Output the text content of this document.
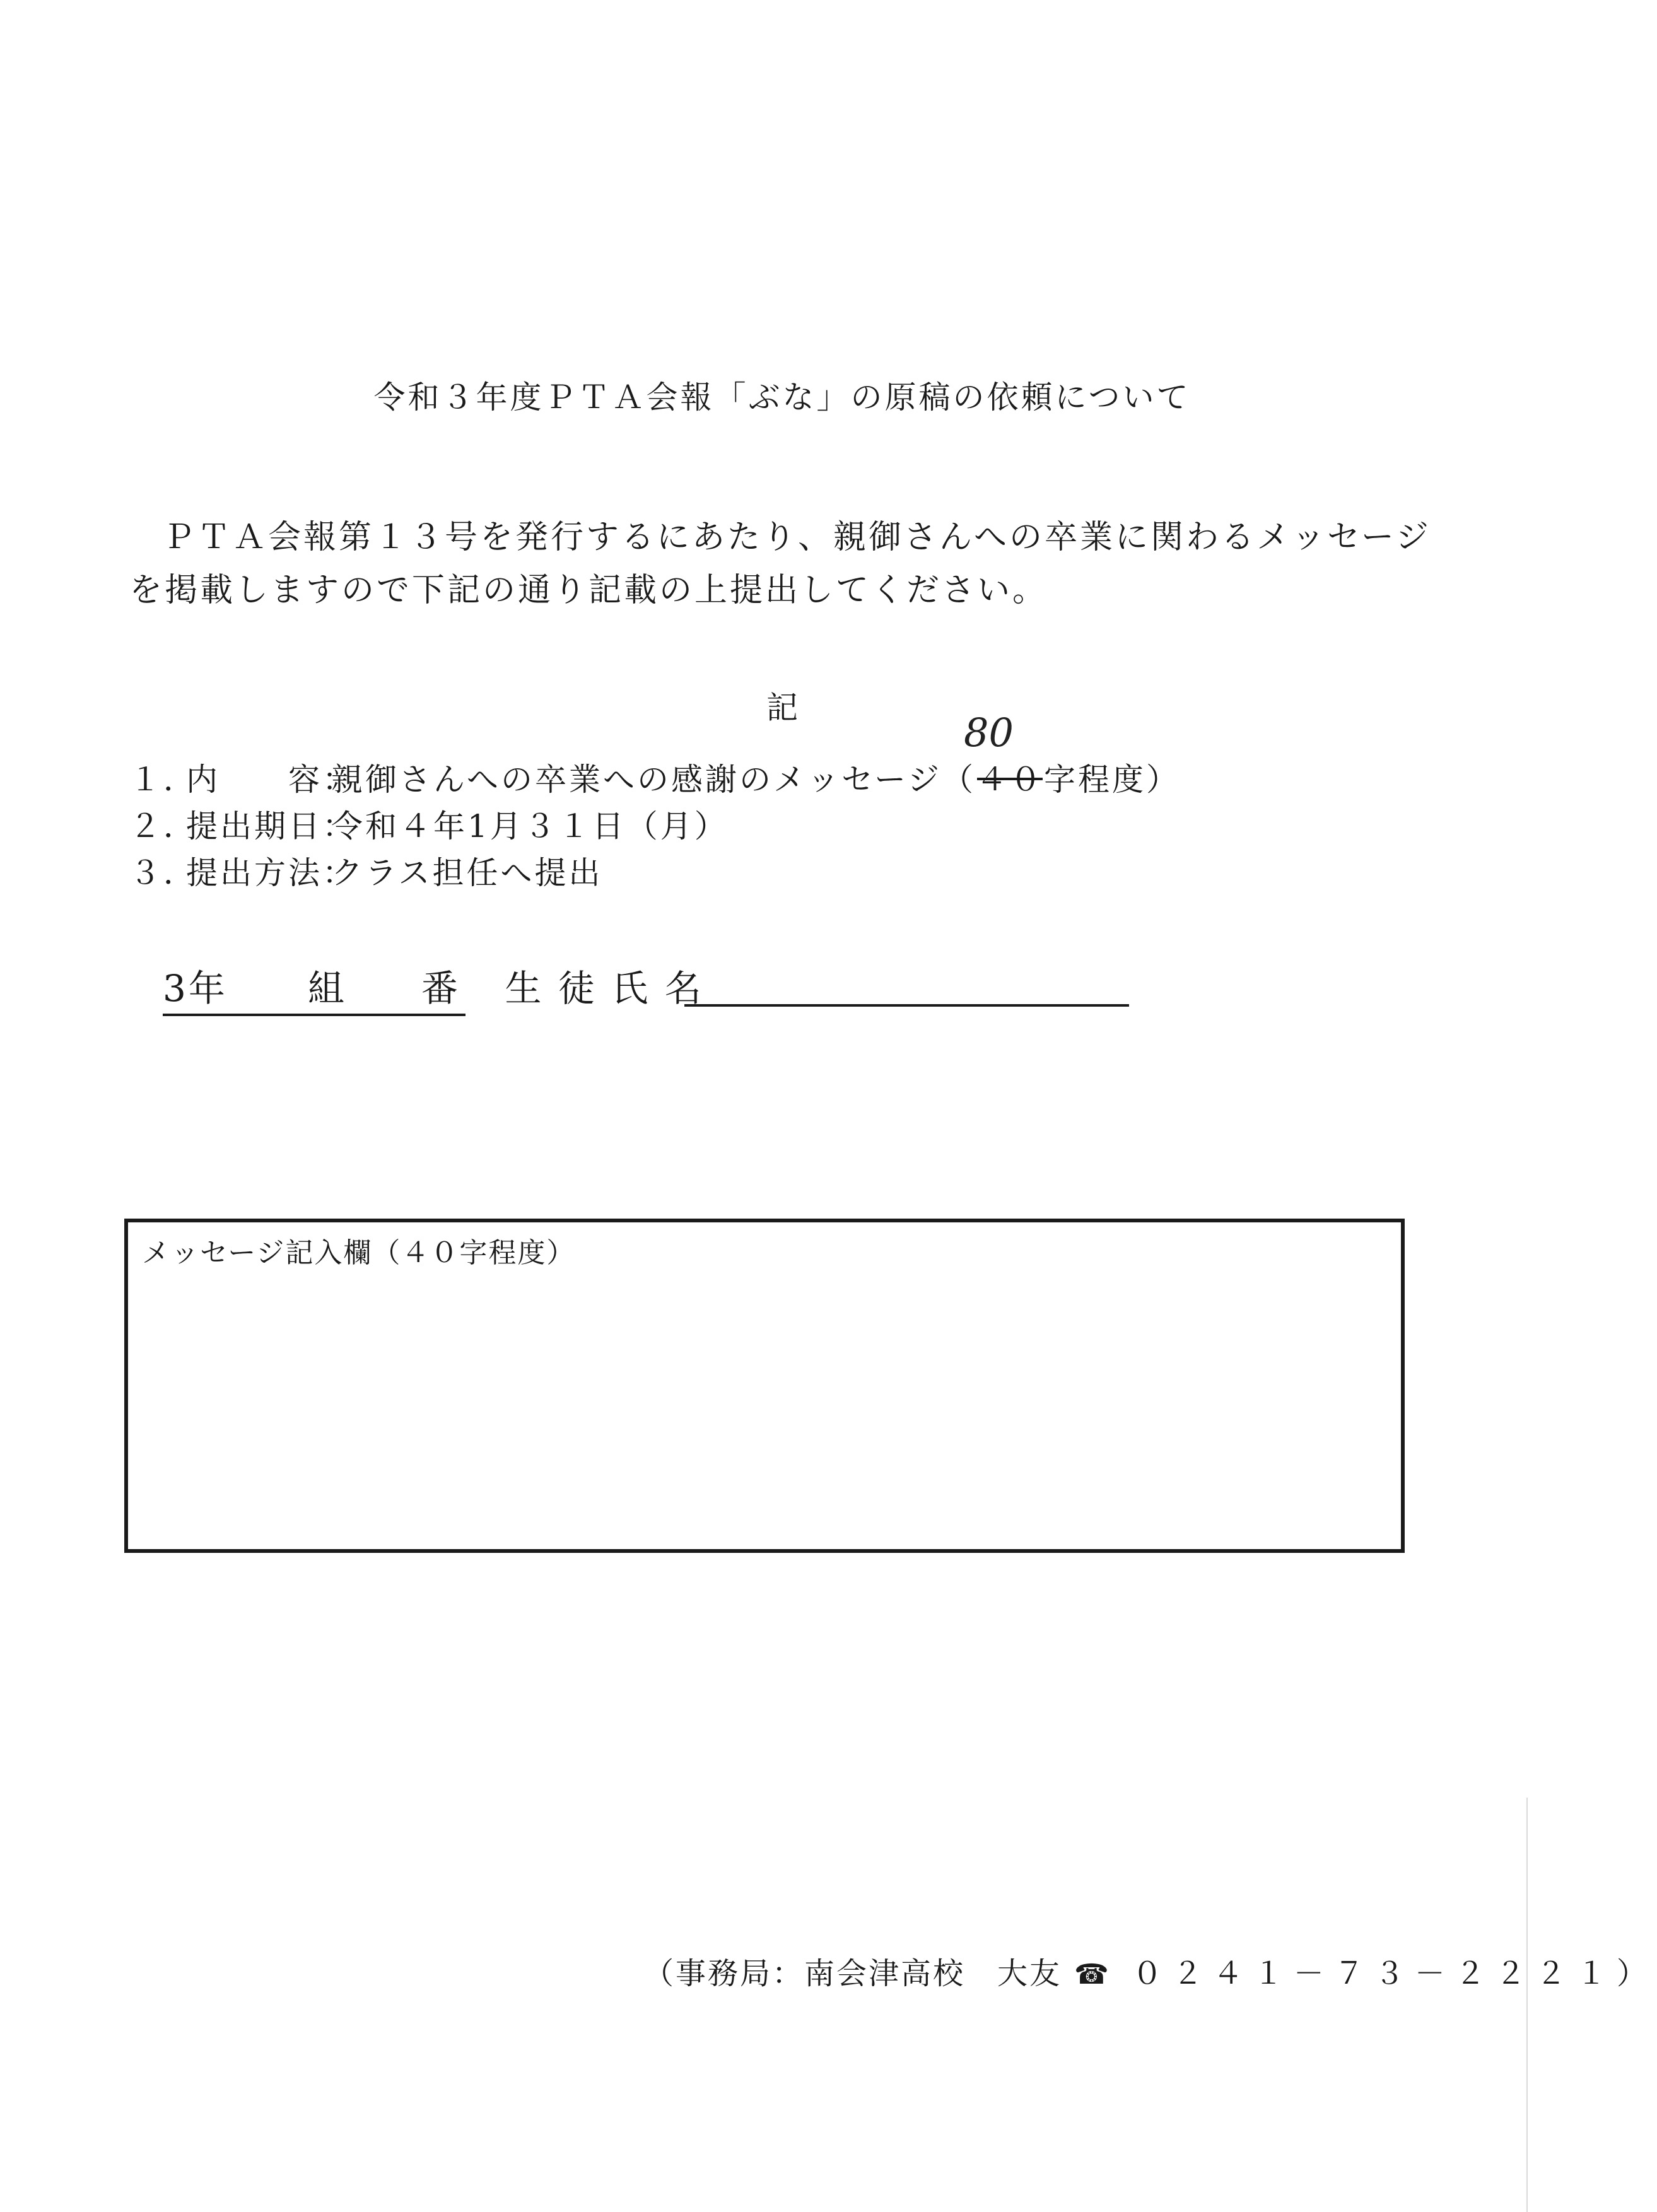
令和３年度ＰＴＡ会報「ぶな」の原稿の依頼について
ＰＴＡ会報第１３号を発行するにあたり、親御さんへの卒業に関わるメッセージを掲載しますので下記の通り記載の上提出してください。
記
１．内　　容：親御さんへの卒業への感謝のメッセージ（４０字程度）
80
２．提出期日：令和４年1月３１日（月）
３．提出方法：クラス担任へ提出
3年 組 番 生 徒 氏 名
メッセージ記入欄（４０字程度）
（事務局：南会津高校　大友 ☎ ０２４１－７３－２２２１）
